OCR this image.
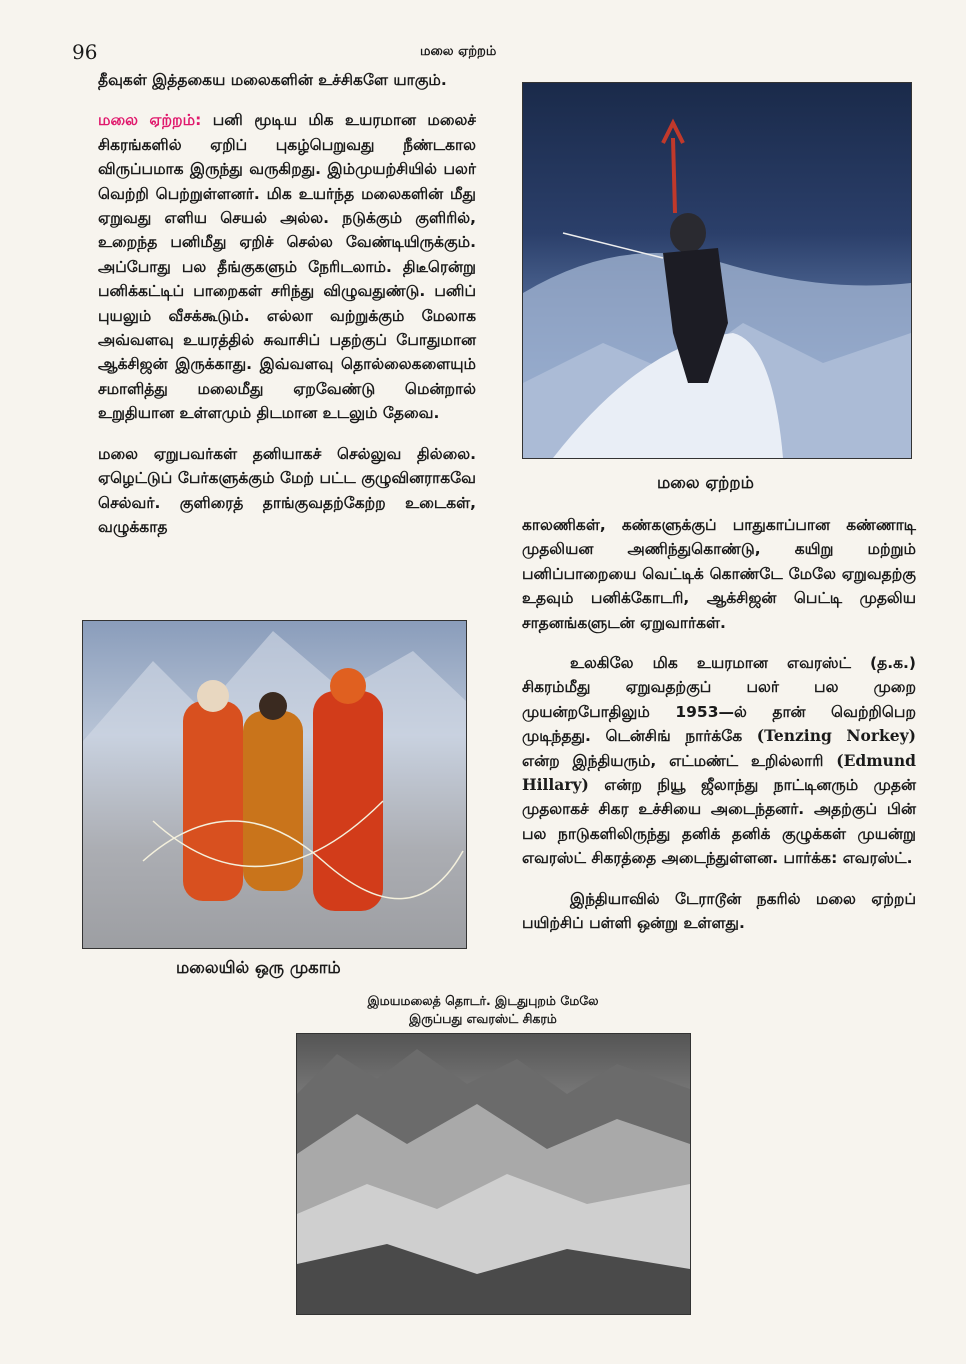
96	மலை ஏற்றம்

தீவுகள் இத்தகைய மலைகளின் உச்சிகளே யாகும்.

மலை ஏற்றம்: பனி மூடிய மிக உயரமான மலைச் சிகரங்களில் ஏறிப் புகழ்பெறுவது நீண்டகால விருப்பமாக இருந்து வருகிறது. இம்முயற்சியில் பலர் வெற்றி பெற்றுள்ளனர். மிக உயர்ந்த மலைகளின் மீது ஏறுவது எளிய செயல் அல்ல. நடுக்கும் குளிரில், உறைந்த பனிமீது ஏறிச் செல்ல வேண்டியிருக்கும். அப்போது பல தீங்குகளும் நேரிடலாம். திடீரென்று பனிக்கட்டிப் பாறைகள் சரிந்து விழுவதுண்டு. பனிப் புயலும் வீசக்கூடும். எல்லா வற்றுக்கும் மேலாக அவ்வளவு உயரத்தில் சுவாசிப் பதற்குப் போதுமான ஆக்சிஜன் இருக்காது. இவ்வளவு தொல்லைகளையும் சமாளித்து மலைமீது ஏறவேண்டு மென்றால் உறுதியான உள்ளமும் திடமான உடலும் தேவை.

மலை ஏறுபவர்கள் தனியாகச் செல்லுவ தில்லை. ஏழெட்டுப் பேர்களுக்கும் மேற் பட்ட குழுவினராகவே செல்வர். குளிரைத் தாங்குவதற்கேற்ற உடைகள், வழுக்காத

மலை ஏற்றம்
மலையில் ஒரு முகாம்

காலணிகள், கண்களுக்குப் பாதுகாப்பான கண்ணாடி முதலியன அணிந்துகொண்டு, கயிறு மற்றும் பனிப்பாறையை வெட்டிக் கொண்டே மேலே ஏறுவதற்கு உதவும் பனிக்கோடரி, ஆக்சிஜன் பெட்டி முதலிய சாதனங்களுடன் ஏறுவார்கள்.

உலகிலே மிக உயரமான எவரஸ்ட் (த.க.) சிகரம்மீது ஏறுவதற்குப் பலர் பல முறை முயன்றபோதிலும் 1953—ல் தான் வெற்றிபெற முடிந்தது. டென்சிங் நார்க்கே (Tenzing Norkey) என்ற இந்தியரும், எட்மண்ட் உறில்லாரி (Edmund Hillary) என்ற நியூ ஜீலாந்து நாட்டினரும் முதன் முதலாகச் சிகர உச்சியை அடைந்தனர். அதற்குப் பின் பல நாடுகளிலிருந்து தனிக் தனிக் குழுக்கள் முயன்று எவரஸ்ட் சிகரத்தை அடைந்துள்ளன. பார்க்க: எவரஸ்ட்.

இந்தியாவில் டேராடூன் நகரில் மலை ஏற்றப் பயிற்சிப் பள்ளி ஒன்று உள்ளது.

இமயமலைத் தொடர். இடதுபுறம் மேலே
இருப்பது எவரஸ்ட் சிகரம்
